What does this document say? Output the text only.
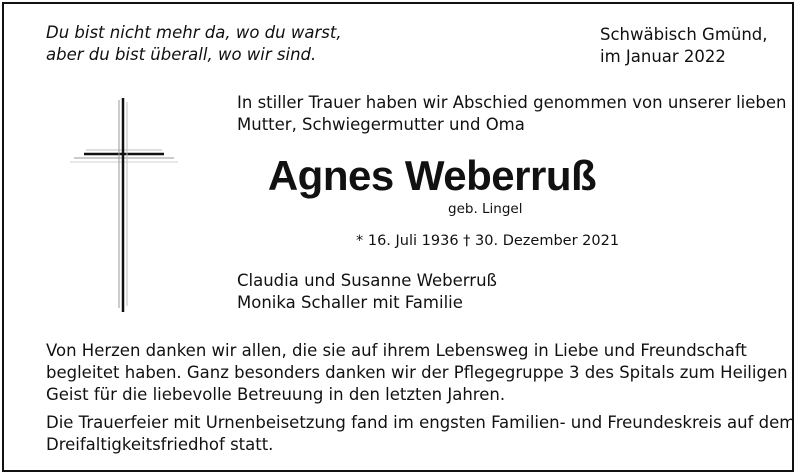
Du bist nicht mehr da, wo du warst,
aber du bist überall, wo wir sind.
Schwäbisch Gmünd,
im Januar 2022
In stiller Trauer haben wir Abschied genommen von unserer lieben
Mutter, Schwiegermutter und Oma
Agnes Weberruß
geb. Lingel
* 16. Juli 1936 † 30. Dezember 2021
Claudia und Susanne Weberruß
Monika Schaller mit Familie
Von Herzen danken wir allen, die sie auf ihrem Lebensweg in Liebe und Freundschaft
begleitet haben. Ganz besonders danken wir der Pflegegruppe 3 des Spitals zum Heiligen
Geist für die liebevolle Betreuung in den letzten Jahren.
Die Trauerfeier mit Urnenbeisetzung fand im engsten Familien- und Freundeskreis auf dem
Dreifaltigkeitsfriedhof statt.
